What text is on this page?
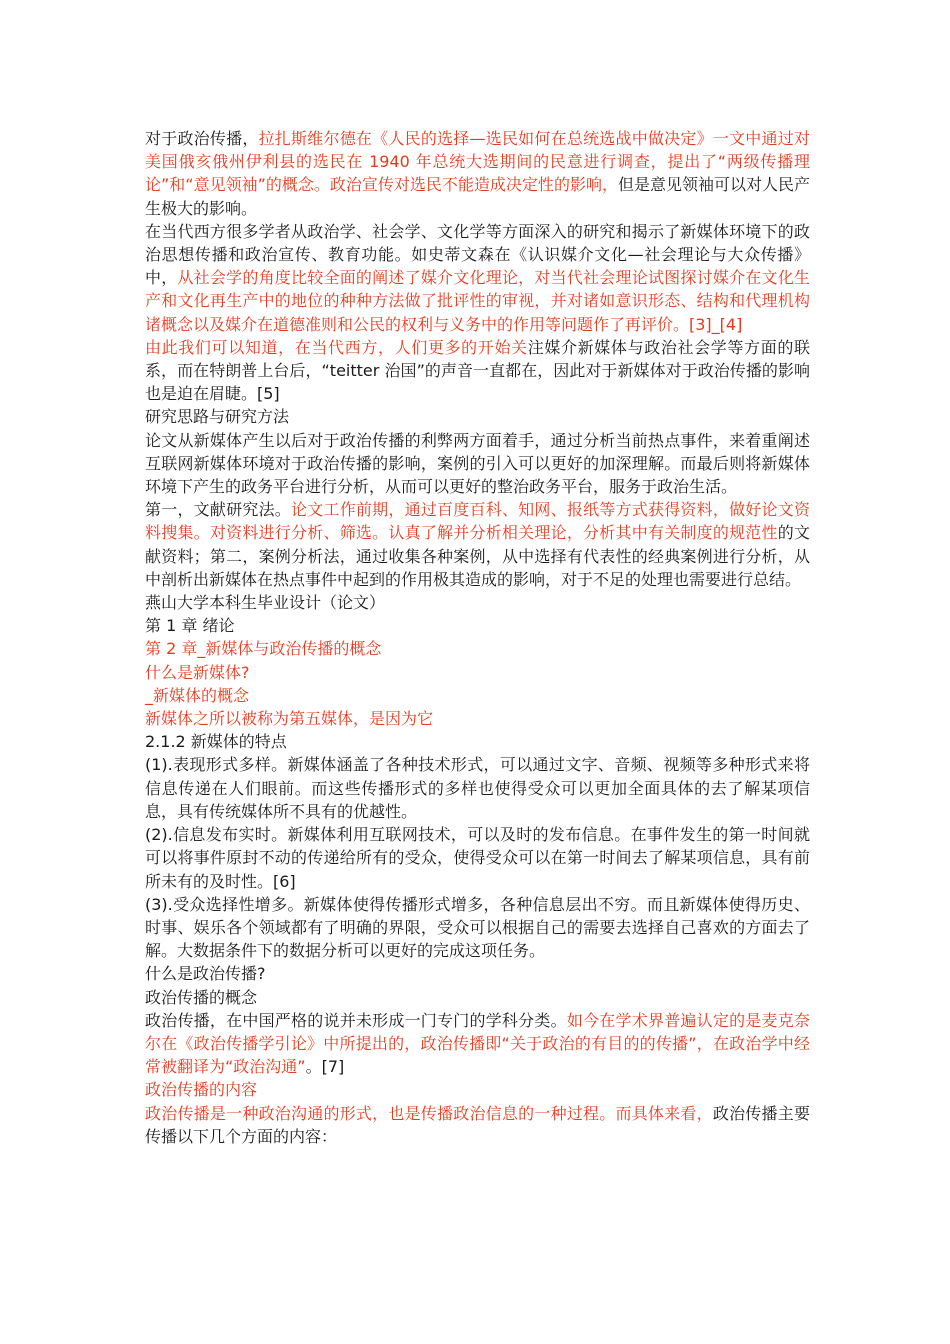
对于政治传播，拉扎斯维尔德在《人民的选择—选民如何在总统选战中做决定》一文中通过对美国俄亥俄州伊利县的选民在 1940 年总统大选期间的民意进行调查，提出了“两级传播理论”和“意见领袖”的概念。政治宣传对选民不能造成决定性的影响，但是意见领袖可以对人民产生极大的影响。

在当代西方很多学者从政治学、社会学、文化学等方面深入的研究和揭示了新媒体环境下的政治思想传播和政治宣传、教育功能。如史蒂文森在《认识媒介文化—社会理论与大众传播》中，从社会学的角度比较全面的阐述了媒介文化理论，对当代社会理论试图探讨媒介在文化生产和文化再生产中的地位的种种方法做了批评性的审视，并对诸如意识形态、结构和代理机构诸概念以及媒介在道德准则和公民的权利与义务中的作用等问题作了再评价。[3]_[4]

由此我们可以知道，在当代西方，人们更多的开始关注媒介新媒体与政治社会学等方面的联系，而在特朗普上台后，“teitter 治国”的声音一直都在，因此对于新媒体对于政治传播的影响也是迫在眉睫。[5]

研究思路与研究方法

论文从新媒体产生以后对于政治传播的利弊两方面着手，通过分析当前热点事件，来着重阐述互联网新媒体环境对于政治传播的影响，案例的引入可以更好的加深理解。而最后则将新媒体环境下产生的政务平台进行分析，从而可以更好的整治政务平台，服务于政治生活。

第一，文献研究法。论文工作前期，通过百度百科、知网、报纸等方式获得资料，做好论文资料搜集。对资料进行分析、筛选。认真了解并分析相关理论，分析其中有关制度的规范性的文献资料；第二，案例分析法，通过收集各种案例，从中选择有代表性的经典案例进行分析，从中剖析出新媒体在热点事件中起到的作用极其造成的影响，对于不足的处理也需要进行总结。

燕山大学本科生毕业设计（论文）

第 1 章 绪论

第 2 章_新媒体与政治传播的概念

什么是新媒体?

_新媒体的概念

新媒体之所以被称为第五媒体，是因为它

2.1.2 新媒体的特点

(1).表现形式多样。新媒体涵盖了各种技术形式，可以通过文字、音频、视频等多种形式来将信息传递在人们眼前。而这些传播形式的多样也使得受众可以更加全面具体的去了解某项信息，具有传统媒体所不具有的优越性。

(2).信息发布实时。新媒体利用互联网技术，可以及时的发布信息。在事件发生的第一时间就可以将事件原封不动的传递给所有的受众，使得受众可以在第一时间去了解某项信息，具有前所未有的及时性。[6]

(3).受众选择性增多。新媒体使得传播形式增多，各种信息层出不穷。而且新媒体使得历史、时事、娱乐各个领域都有了明确的界限，受众可以根据自己的需要去选择自己喜欢的方面去了解。大数据条件下的数据分析可以更好的完成这项任务。

什么是政治传播?

政治传播的概念

政治传播，在中国严格的说并未形成一门专门的学科分类。如今在学术界普遍认定的是麦克奈尔在《政治传播学引论》中所提出的，政治传播即“关于政治的有目的的传播”，在政治学中经常被翻译为“政治沟通”。[7]

政治传播的内容

政治传播是一种政治沟通的形式，也是传播政治信息的一种过程。而具体来看，政治传播主要传播以下几个方面的内容：
